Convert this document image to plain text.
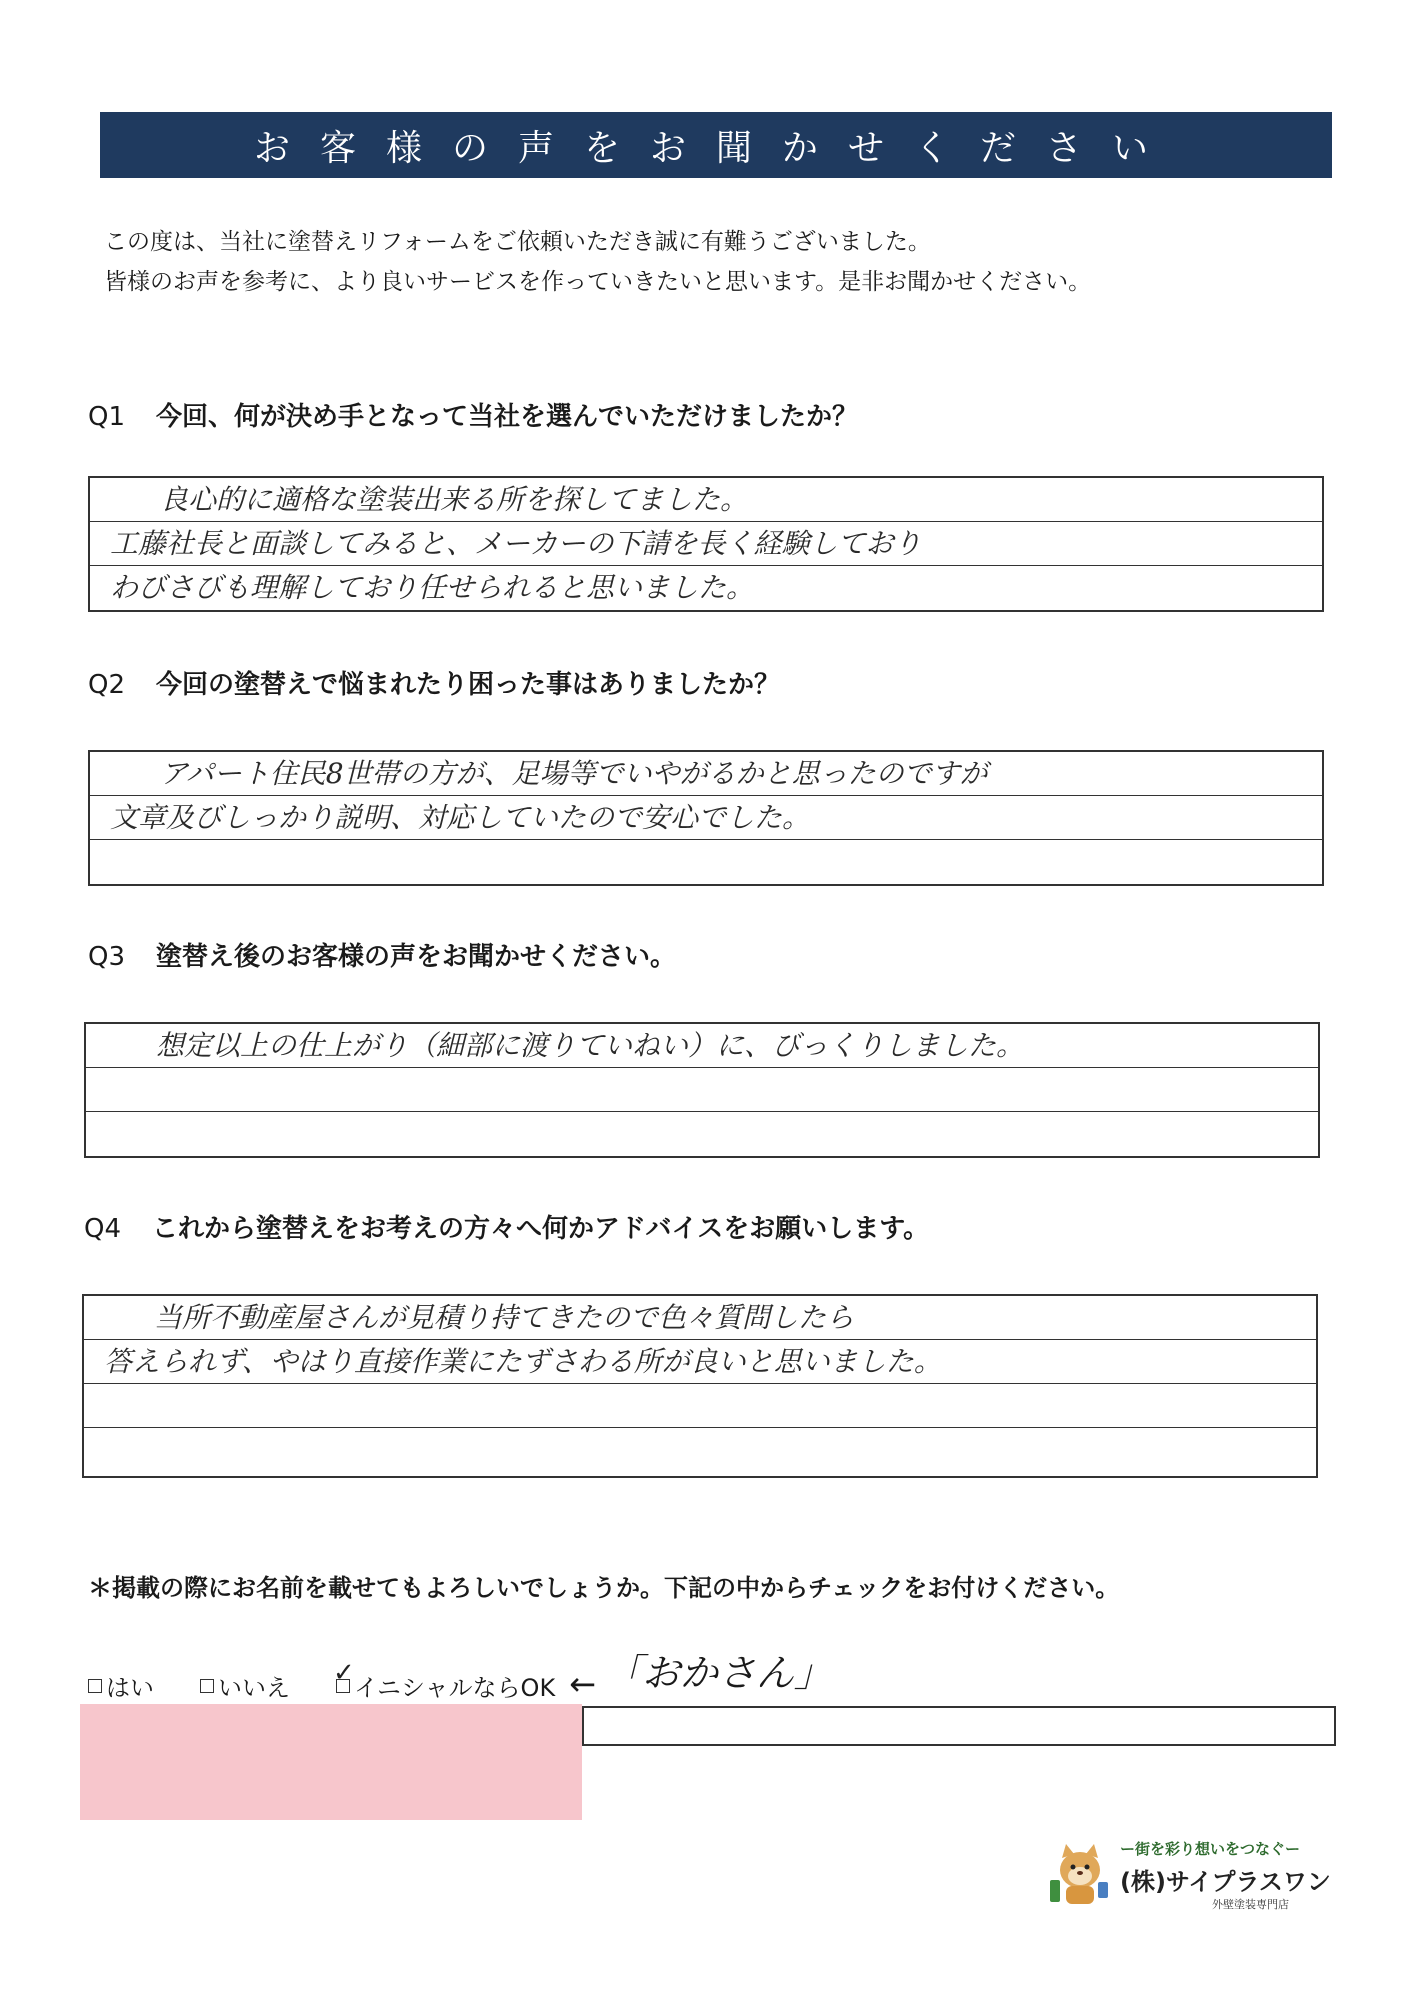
お客様の声をお聞かせください
この度は、当社に塗替えリフォームをご依頼いただき誠に有難うございました。
皆様のお声を参考に、より良いサービスを作っていきたいと思います。是非お聞かせください。
Q1 今回、何が決め手となって当社を選んでいただけましたか？
良心的に適格な塗装出来る所を探してました。
工藤社長と面談してみると、メーカーの下請を長く経験しており
わびさびも理解しており任せられると思いました。
Q2 今回の塗替えで悩まれたり困った事はありましたか？
アパート住民8世帯の方が、足場等でいやがるかと思ったのですが
文章及びしっかり説明、対応していたので安心でした。
Q3 塗替え後のお客様の声をお聞かせください。
想定以上の仕上がり（細部に渡りていねい）に、びっくりしました。
Q4 これから塗替えをお考えの方々へ何かアドバイスをお願いします。
当所不動産屋さんが見積り持てきたので色々質問したら
答えられず、やはり直接作業にたずさわる所が良いと思いました。
＊掲載の際にお名前を載せてもよろしいでしょうか。下記の中からチェックをお付けください。
はい	いいえ
✓	イニシャルならOK ← 「おかさん」
ー街を彩り想いをつなぐー
(株)サイプラスワン
外壁塗装専門店
